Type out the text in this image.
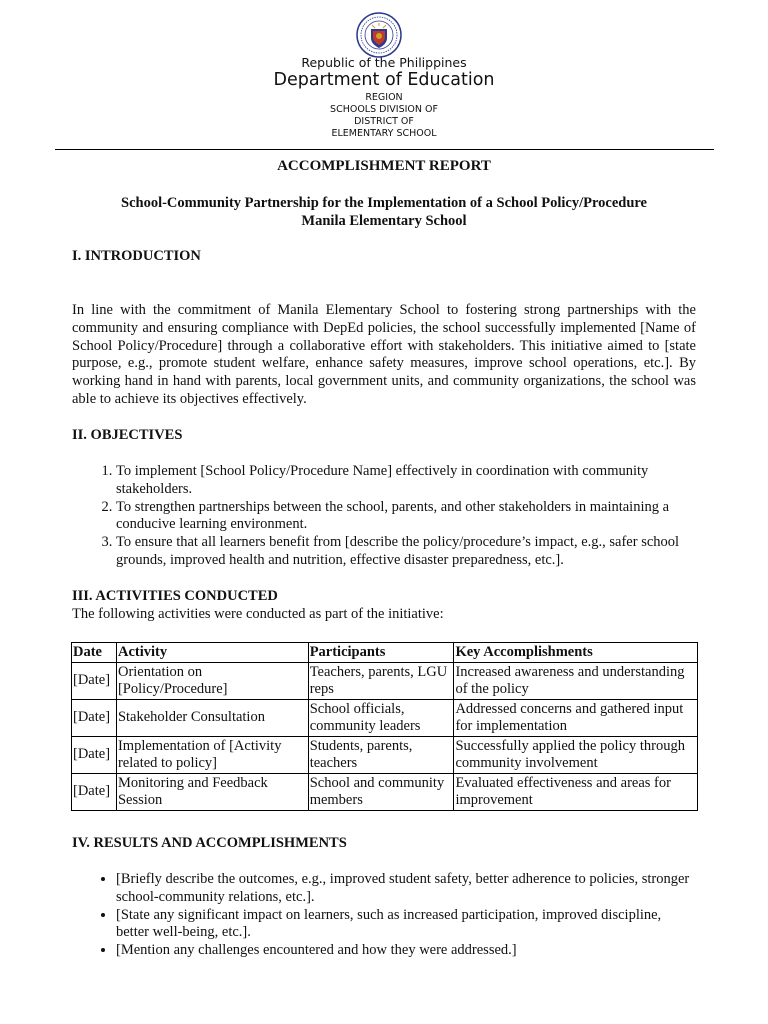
Republic of the Philippines
Department of Education
REGION
SCHOOLS DIVISION OF
DISTRICT OF
ELEMENTARY SCHOOL
ACCOMPLISHMENT REPORT
School-Community Partnership for the Implementation of a School Policy/Procedure
Manila Elementary School
I. INTRODUCTION
In line with the commitment of Manila Elementary School to fostering strong partnerships with the community and ensuring compliance with DepEd policies, the school successfully implemented [Name of School Policy/Procedure] through a collaborative effort with stakeholders. This initiative aimed to [state purpose, e.g., promote student welfare, enhance safety measures, improve school operations, etc.]. By working hand in hand with parents, local government units, and community organizations, the school was able to achieve its objectives effectively.
II. OBJECTIVES
1. To implement [School Policy/Procedure Name] effectively in coordination with community stakeholders.
2. To strengthen partnerships between the school, parents, and other stakeholders in maintaining a conducive learning environment.
3. To ensure that all learners benefit from [describe the policy/procedure’s impact, e.g., safer school grounds, improved health and nutrition, effective disaster preparedness, etc.].
III. ACTIVITIES CONDUCTED
The following activities were conducted as part of the initiative:
Date	Activity	Participants	Key Accomplishments
[Date]	Orientation on [Policy/Procedure]	Teachers, parents, LGU reps	Increased awareness and understanding of the policy
[Date]	Stakeholder Consultation	School officials, community leaders	Addressed concerns and gathered input for implementation
[Date]	Implementation of [Activity related to policy]	Students, parents, teachers	Successfully applied the policy through community involvement
[Date]	Monitoring and Feedback Session	School and community members	Evaluated effectiveness and areas for improvement
IV. RESULTS AND ACCOMPLISHMENTS
• [Briefly describe the outcomes, e.g., improved student safety, better adherence to policies, stronger school-community relations, etc.].
• [State any significant impact on learners, such as increased participation, improved discipline, better well-being, etc.].
• [Mention any challenges encountered and how they were addressed.]
